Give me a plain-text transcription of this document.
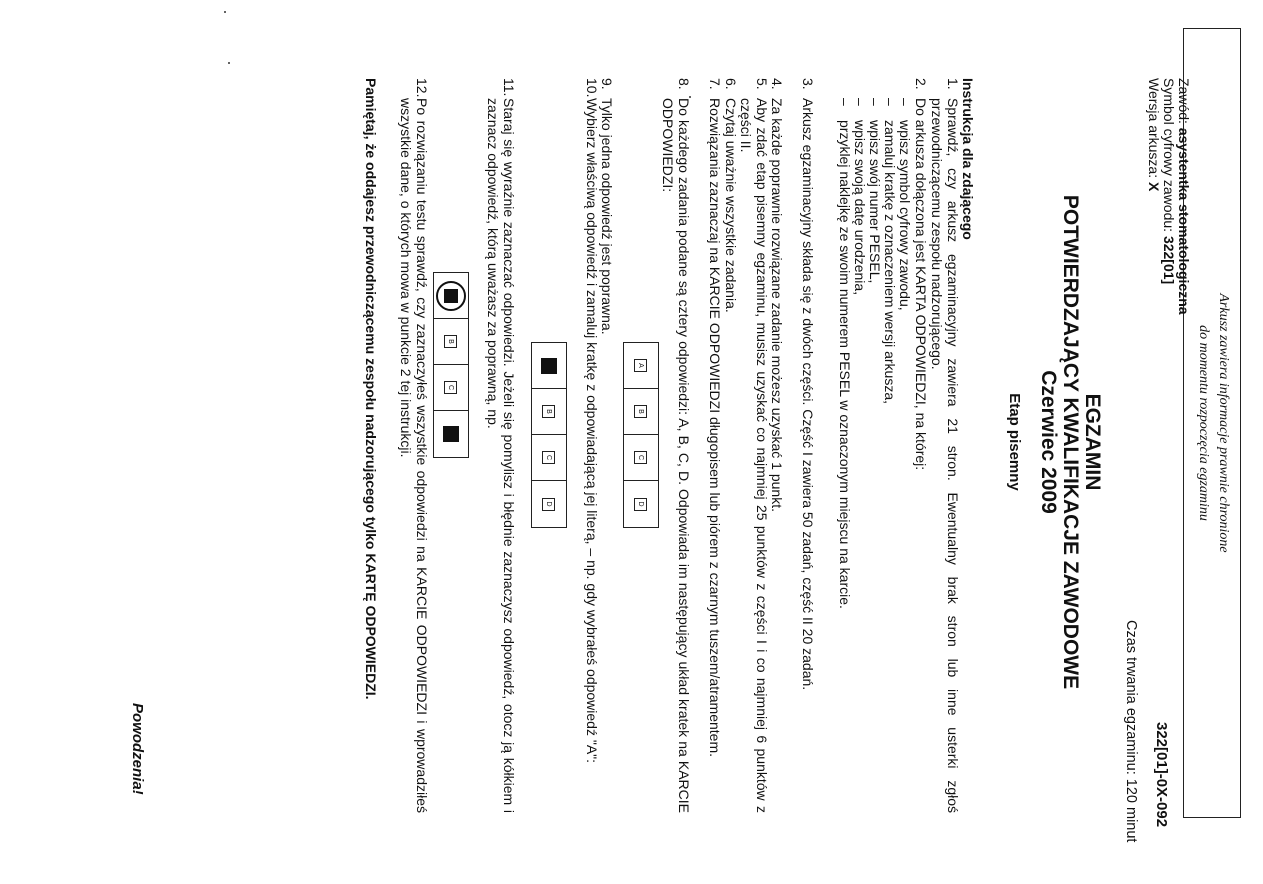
Arkusz zawiera informacje prawnie chronione
do momentu rozpoczęcia egzaminu
322[01]-0X-092
Zawód: asystentka stomatologiczna
Symbol cyfrowy zawodu: 322[01]
Wersja arkusza: X
Czas trwania egzaminu: 120 minut
EGZAMIN
POTWIERDZAJĄCY KWALIFIKACJE ZAWODOWE
Czerwiec 2009
Etap pisemny
Instrukcja dla zdającego
1.
Sprawdź, czy arkusz egzaminacyjny zawiera 21 stron. Ewentualny brak stron lub inne usterki zgłoś przewodniczącemu zespołu nadzorującego.
2.
Do arkusza dołączona jest KARTA ODPOWIEDZI, na której:
–
wpisz symbol cyfrowy zawodu,
–
zamaluj kratkę z oznaczeniem wersji arkusza,
–
wpisz swój numer PESEL,
–
wpisz swoją datę urodzenia,
–
przyklej naklejkę ze swoim numerem PESEL w oznaczonym miejscu na karcie.
3.
Arkusz egzaminacyjny składa się z dwóch części. Część I zawiera 50 zadań, część II 20 zadań.
4.
Za każde poprawnie rozwiązane zadanie możesz uzyskać 1 punkt.
5.
Aby zdać etap pisemny egzaminu, musisz uzyskać co najmniej 25 punktów z części I i co najmniej 6 punktów z części II.
6.
Czytaj uważnie wszystkie zadania.
7.
Rozwiązania zaznaczaj na KARCIE ODPOWIEDZI długopisem lub piórem z czarnym tuszem/atramentem.
8.
Do każdego zadania podane są cztery odpowiedzi: A, B, C, D. Odpowiada im następujący układ kratek na KARCIE ODPOWIEDZI:
A
B
C
D
9.
Tylko jedna odpowiedź jest poprawna.
10.
Wybierz właściwą odpowiedź i zamaluj kratkę z odpowiadającą jej literą, – np. gdy wybrałeś odpowiedź "A":
B
C
D
11.
Staraj się wyraźnie zaznaczać odpowiedzi. Jeżeli się pomylisz i błędnie zaznaczysz odpowiedź, otocz ją kółkiem i zaznacz odpowiedź, którą uważasz za poprawną, np.
B
C
12.
Po rozwiązaniu testu sprawdź, czy zaznaczyłeś wszystkie odpowiedzi na KARCIE ODPOWIEDZI i wprowadziłeś wszystkie dane, o których mowa w punkcie 2 tej instrukcji.
Pamiętaj, że oddajesz przewodniczącemu zespołu nadzorującego tylko KARTĘ ODPOWIEDZI.
Powodzenia!
